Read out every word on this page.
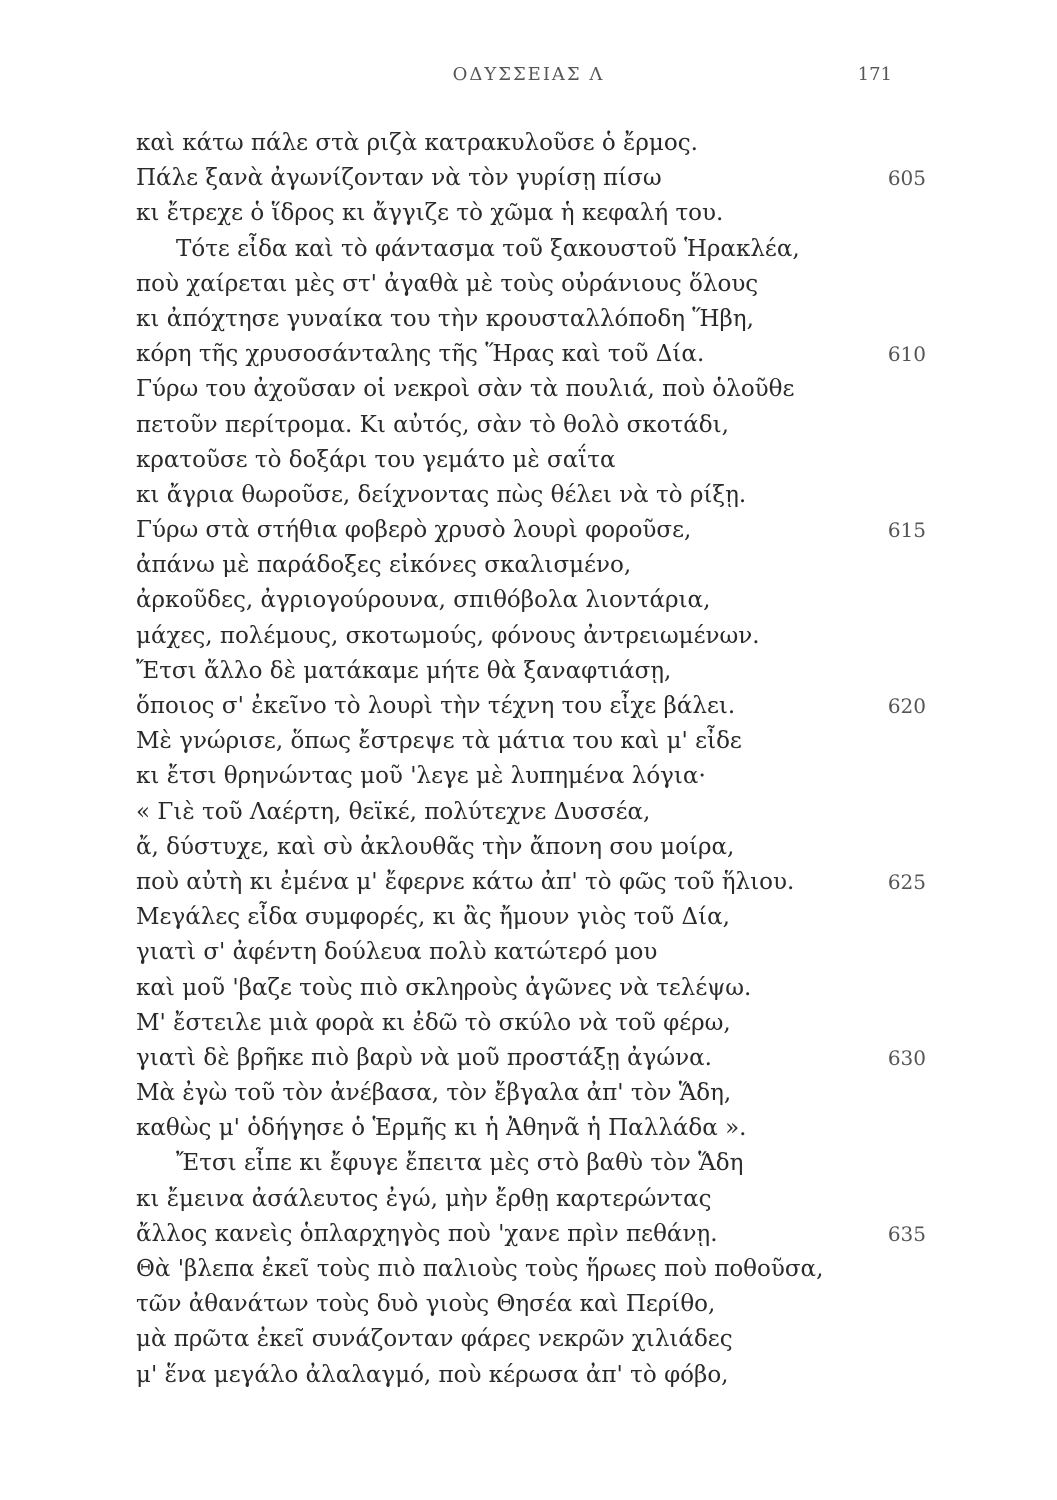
ΟΔΥΣΣΕΙΑΣ Λ	171
καὶ κάτω πάλε στὰ ριζὰ κατρακυλοῦσε ὁ ἔρμος.
Πάλε ξανὰ ἀγωνίζονταν νὰ τὸν γυρίσῃ πίσω	605
κι ἔτρεχε ὁ ἵδρος κι ἄγγιζε τὸ χῶμα ἡ κεφαλή του.
Τότε εἶδα καὶ τὸ φάντασμα τοῦ ξακουστοῦ Ἡρακλέα,
ποὺ χαίρεται μὲς στ' ἀγαθὰ μὲ τοὺς οὐράνιους ὅλους
κι ἀπόχτησε γυναίκα του τὴν κρουσταλλόποδη Ἥβη,
κόρη τῆς χρυσοσάνταλης τῆς Ἥρας καὶ τοῦ Δία.	610
Γύρω του ἀχοῦσαν οἱ νεκροὶ σὰν τὰ πουλιά, ποὺ ὁλοῦθε
πετοῦν περίτρομα. Κι αὐτός, σὰν τὸ θολὸ σκοτάδι,
κρατοῦσε τὸ δοξάρι του γεμάτο μὲ σαΐτα
κι ἄγρια θωροῦσε, δείχνοντας πὼς θέλει νὰ τὸ ρίξῃ.
Γύρω στὰ στήθια φοβερὸ χρυσὸ λουρὶ φοροῦσε,	615
ἀπάνω μὲ παράδοξες εἰκόνες σκαλισμένο,
ἀρκοῦδες, ἀγριογούρουνα, σπιθόβολα λιοντάρια,
μάχες, πολέμους, σκοτωμούς, φόνους ἀντρειωμένων.
Ἔτσι ἄλλο δὲ ματάκαμε μήτε θὰ ξαναφτιάσῃ,
ὅποιος σ' ἐκεῖνο τὸ λουρὶ τὴν τέχνη του εἶχε βάλει.	620
Μὲ γνώρισε, ὅπως ἔστρεψε τὰ μάτια του καὶ μ' εἶδε
κι ἔτσι θρηνώντας μοῦ 'λεγε μὲ λυπημένα λόγια·
« Γιὲ τοῦ Λαέρτη, θεϊκέ, πολύτεχνε Δυσσέα,
ἄ, δύστυχε, καὶ σὺ ἀκλουθᾶς τὴν ἄπονη σου μοίρα,
ποὺ αὐτὴ κι ἐμένα μ' ἔφερνε κάτω ἀπ' τὸ φῶς τοῦ ἥλιου.	625
Μεγάλες εἶδα συμφορές, κι ἂς ἤμουν γιὸς τοῦ Δία,
γιατὶ σ' ἀφέντη δούλευα πολὺ κατώτερό μου
καὶ μοῦ 'βαζε τοὺς πιὸ σκληροὺς ἀγῶνες νὰ τελέψω.
Μ' ἔστειλε μιὰ φορὰ κι ἐδῶ τὸ σκύλο νὰ τοῦ φέρω,
γιατὶ δὲ βρῆκε πιὸ βαρὺ νὰ μοῦ προστάξῃ ἀγώνα.	630
Μὰ ἐγὼ τοῦ τὸν ἀνέβασα, τὸν ἔβγαλα ἀπ' τὸν Ἅδη,
καθὼς μ' ὁδήγησε ὁ Ἑρμῆς κι ἡ Ἀθηνᾶ ἡ Παλλάδα ».
Ἔτσι εἶπε κι ἔφυγε ἔπειτα μὲς στὸ βαθὺ τὸν Ἅδη
κι ἔμεινα ἀσάλευτος ἐγώ, μὴν ἔρθῃ καρτερώντας
ἄλλος κανεὶς ὁπλαρχηγὸς ποὺ 'χανε πρὶν πεθάνῃ.	635
Θὰ 'βλεπα ἐκεῖ τοὺς πιὸ παλιοὺς τοὺς ἥρωες ποὺ ποθοῦσα,
τῶν ἀθανάτων τοὺς δυὸ γιοὺς Θησέα καὶ Περίθο,
μὰ πρῶτα ἐκεῖ συνάζονταν φάρες νεκρῶν χιλιάδες
μ' ἕνα μεγάλο ἀλαλαγμό, ποὺ κέρωσα ἀπ' τὸ φόβο,
